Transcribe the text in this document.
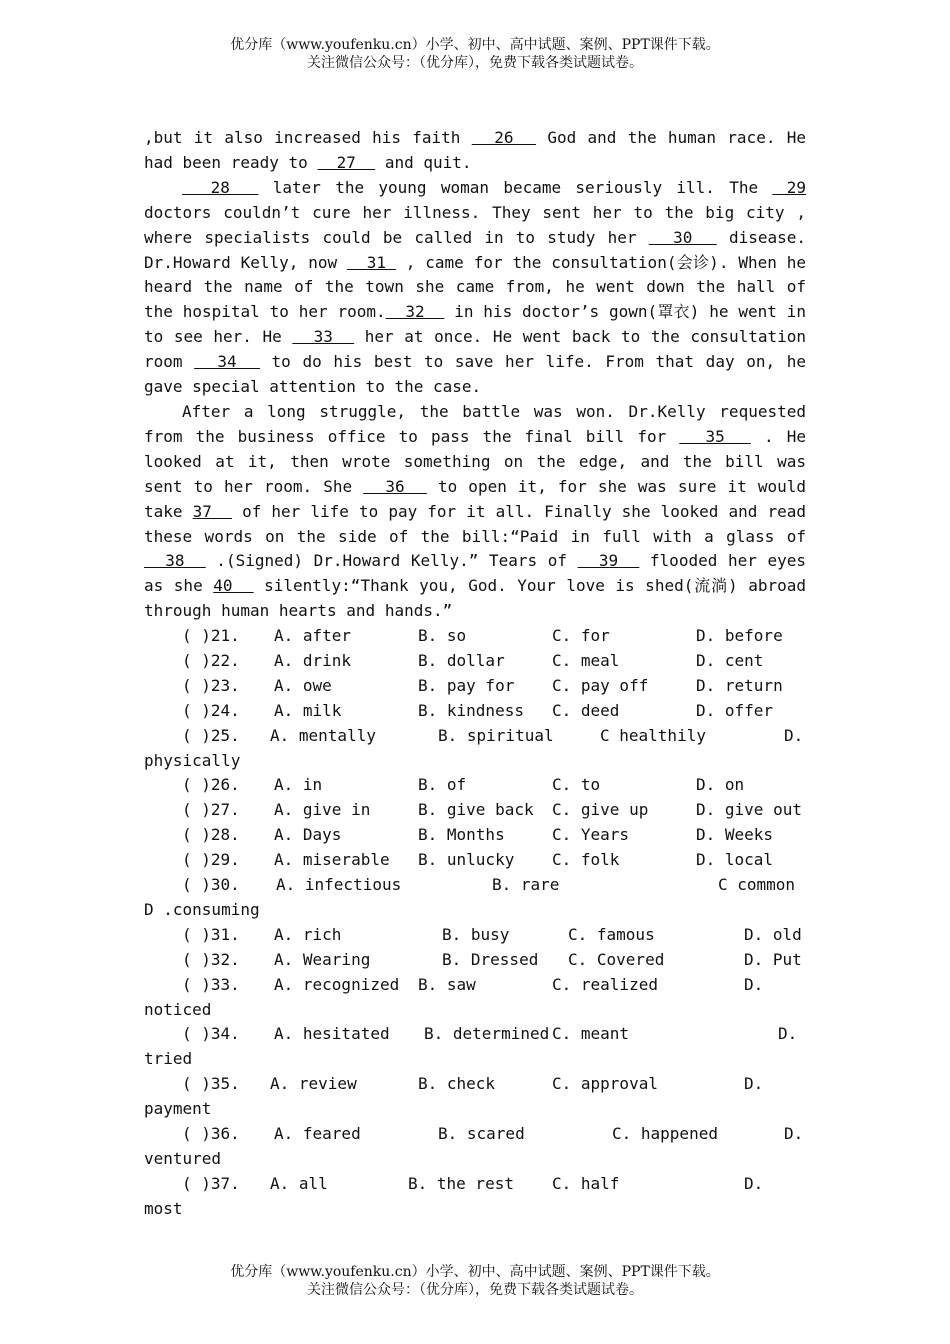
优分库（www.youfenku.cn）小学、初中、高中试题、案例、PPT课件下载。
关注微信公众号：（优分库），免费下载各类试题试卷。

,but it also increased his faith   26   God and the human race. He had been ready to   27   and quit.

28   later the young woman became seriously ill. The  29 doctors couldn’t cure her illness. They sent her to the big city , where specialists could be called in to study her   30   disease. Dr.Howard Kelly, now   31  , came for the consultation(会诊). When he heard the name of the town she came from, he went down the hall of the hospital to her room.  32   in his doctor’s gown(罩衣) he went in to see her. He   33   her at once. He went back to the consultation room   34   to do his best to save her life. From that day on, he gave special attention to the case.

After a long struggle, the battle was won. Dr.Kelly requested from the business office to pass the final bill for   35   . He looked at it, then wrote something on the edge, and the bill was sent to her room. She   36   to open it, for she was sure it would take 37   of her life to pay for it all. Finally she looked and read these words on the side of the bill:“Paid in full with a glass of   38   .(Signed) Dr.Howard Kelly.” Tears of   39   flooded her eyes as she 40   silently:“Thank you, God. Your love is shed(流淌) abroad through human hearts and hands.”

( )21. A. after	B. so	C. for	D. before
( )22. A. drink	B. dollar	C. meal	D. cent
( )23. A. owe	B. pay for C. pay off	D. return
( )24. A. milk	B. kindness C. deed	D. offer
( )25. A. mentally	B. spiritual	C healthily	D.
physically
( )26. A. in	B. of	C. to	D. on
( )27. A. give in	B. give back C. give up	D. give out
( )28. A. Days	B. Months	C. Years	D. Weeks
( )29. A. miserable B. unlucky C. folk	D. local
( )30. A. infectious	B. rare	C common
D .consuming
( )31. A. rich	B. busy	C. famous	D. old
( )32. A. Wearing	B. Dressed C. Covered	D. Put
( )33. A. recognized B. saw	C. realized	D.
noticed
( )34. A. hesitated B. determined C. meant	D.
tried
( )35. A. review	B. check	C. approval	D.
payment
( )36. A. feared	B. scared	C. happened	D.
ventured
( )37. A. all	B. the rest C. half	D.
most
优分库（www.youfenku.cn）小学、初中、高中试题、案例、PPT课件下载。
关注微信公众号：（优分库），免费下载各类试题试卷。
